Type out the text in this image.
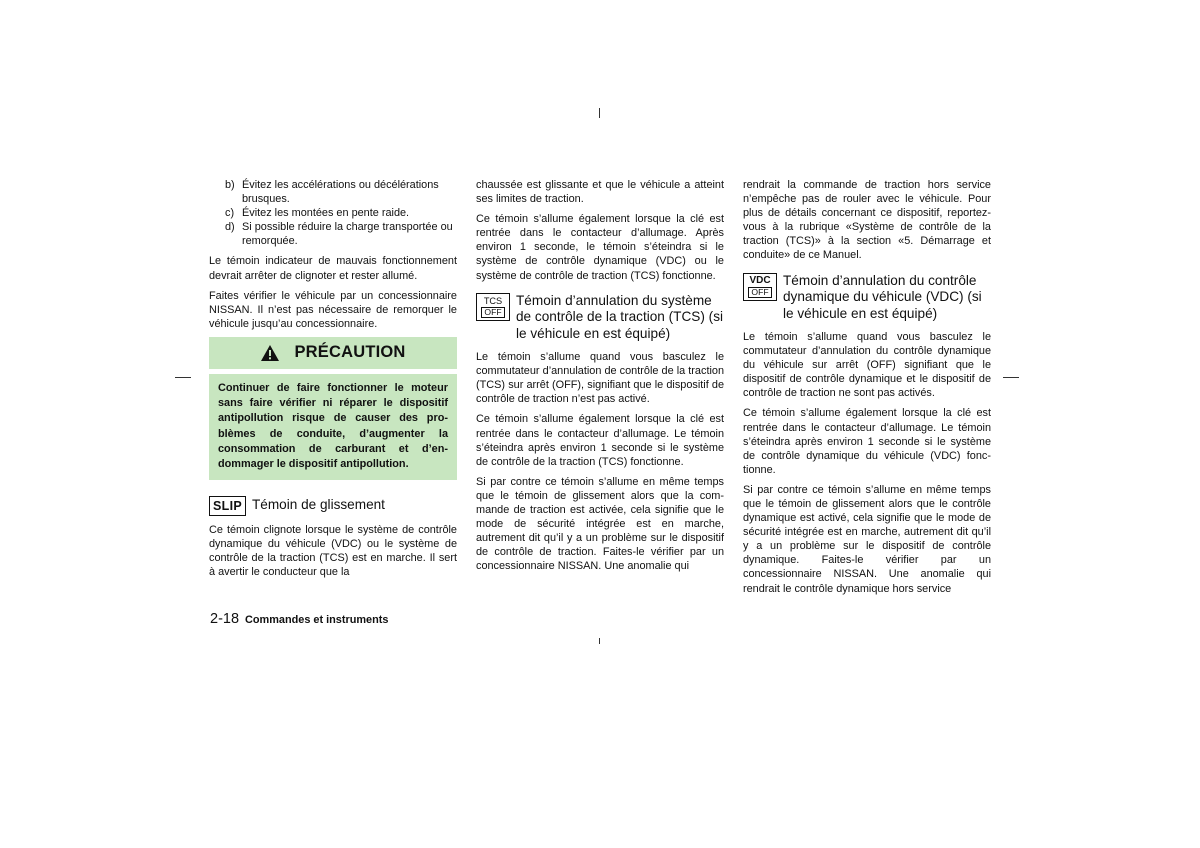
b) Évitez les accélérations ou décélérations brusques.
c) Évitez les montées en pente raide.
d) Si possible réduire la charge transportée ou remorquée.

Le témoin indicateur de mauvais fonctionnement devrait arrêter de clignoter et rester allumé.

Faites vérifier le véhicule par un concessionnaire NISSAN. Il n’est pas nécessaire de remorquer le véhicule jusqu’au concessionnaire.

PRÉCAUTION
Continuer de faire fonctionner le moteur sans faire vérifier ni réparer le dispositif antipollution risque de causer des problèmes de conduite, d’augmenter la consommation de carburant et d’endommager le dispositif antipollution.
SLIP Témoin de glissement

Ce témoin clignote lorsque le système de contrôle dynamique du véhicule (VDC) ou le système de contrôle de la traction (TCS) est en marche. Il sert à avertir le conducteur que la

chaussée est glissante et que le véhicule a atteint ses limites de traction.

Ce témoin s’allume également lorsque la clé est rentrée dans le contacteur d’allumage. Après environ 1 seconde, le témoin s’éteindra si le système de contrôle dynamique (VDC) ou le système de contrôle de traction (TCS) fonctionne.

TCS
OFF
Témoin d’annulation du système de contrôle de la traction (TCS) (si le véhicule en est équipé)

Le témoin s’allume quand vous basculez le commutateur d’annulation de contrôle de la traction (TCS) sur arrêt (OFF), signifiant que le dispositif de contrôle de traction n’est pas activé.

Ce témoin s’allume également lorsque la clé est rentrée dans le contacteur d’allumage. Le témoin s’éteindra après environ 1 seconde si le système de contrôle de la traction (TCS) fonctionne.

Si par contre ce témoin s’allume en même temps que le témoin de glissement alors que la commande de traction est activée, cela signifie que le mode de sécurité intégrée est en marche, autrement dit qu’il y a un problème sur le dispositif de contrôle de traction. Faites-le vérifier par un concessionnaire NISSAN. Une anomalie qui

rendrait la commande de traction hors service n’empêche pas de rouler avec le véhicule. Pour plus de détails concernant ce dispositif, reportez-vous à la rubrique «Système de contrôle de la traction (TCS)» à la section «5. Démarrage et conduite» de ce Manuel.

VDC
OFF
Témoin d’annulation du contrôle dynamique du véhicule (VDC) (si le véhicule en est équipé)

Le témoin s’allume quand vous basculez le commutateur d’annulation du contrôle dynamique du véhicule sur arrêt (OFF) signifiant que le dispositif de contrôle dynamique et le dispositif de contrôle de traction ne sont pas activés.

Ce témoin s’allume également lorsque la clé est rentrée dans le contacteur d’allumage. Le témoin s’éteindra après environ 1 seconde si le système de contrôle dynamique du véhicule (VDC) fonctionne.

Si par contre ce témoin s’allume en même temps que le témoin de glissement alors que le contrôle dynamique est activé, cela signifie que le mode de sécurité intégrée est en marche, autrement dit qu’il y a un problème sur le dispositif de contrôle dynamique. Faites-le vérifier par un concessionnaire NISSAN. Une anomalie qui rendrait le contrôle dynamique hors service

2-18 Commandes et instruments
